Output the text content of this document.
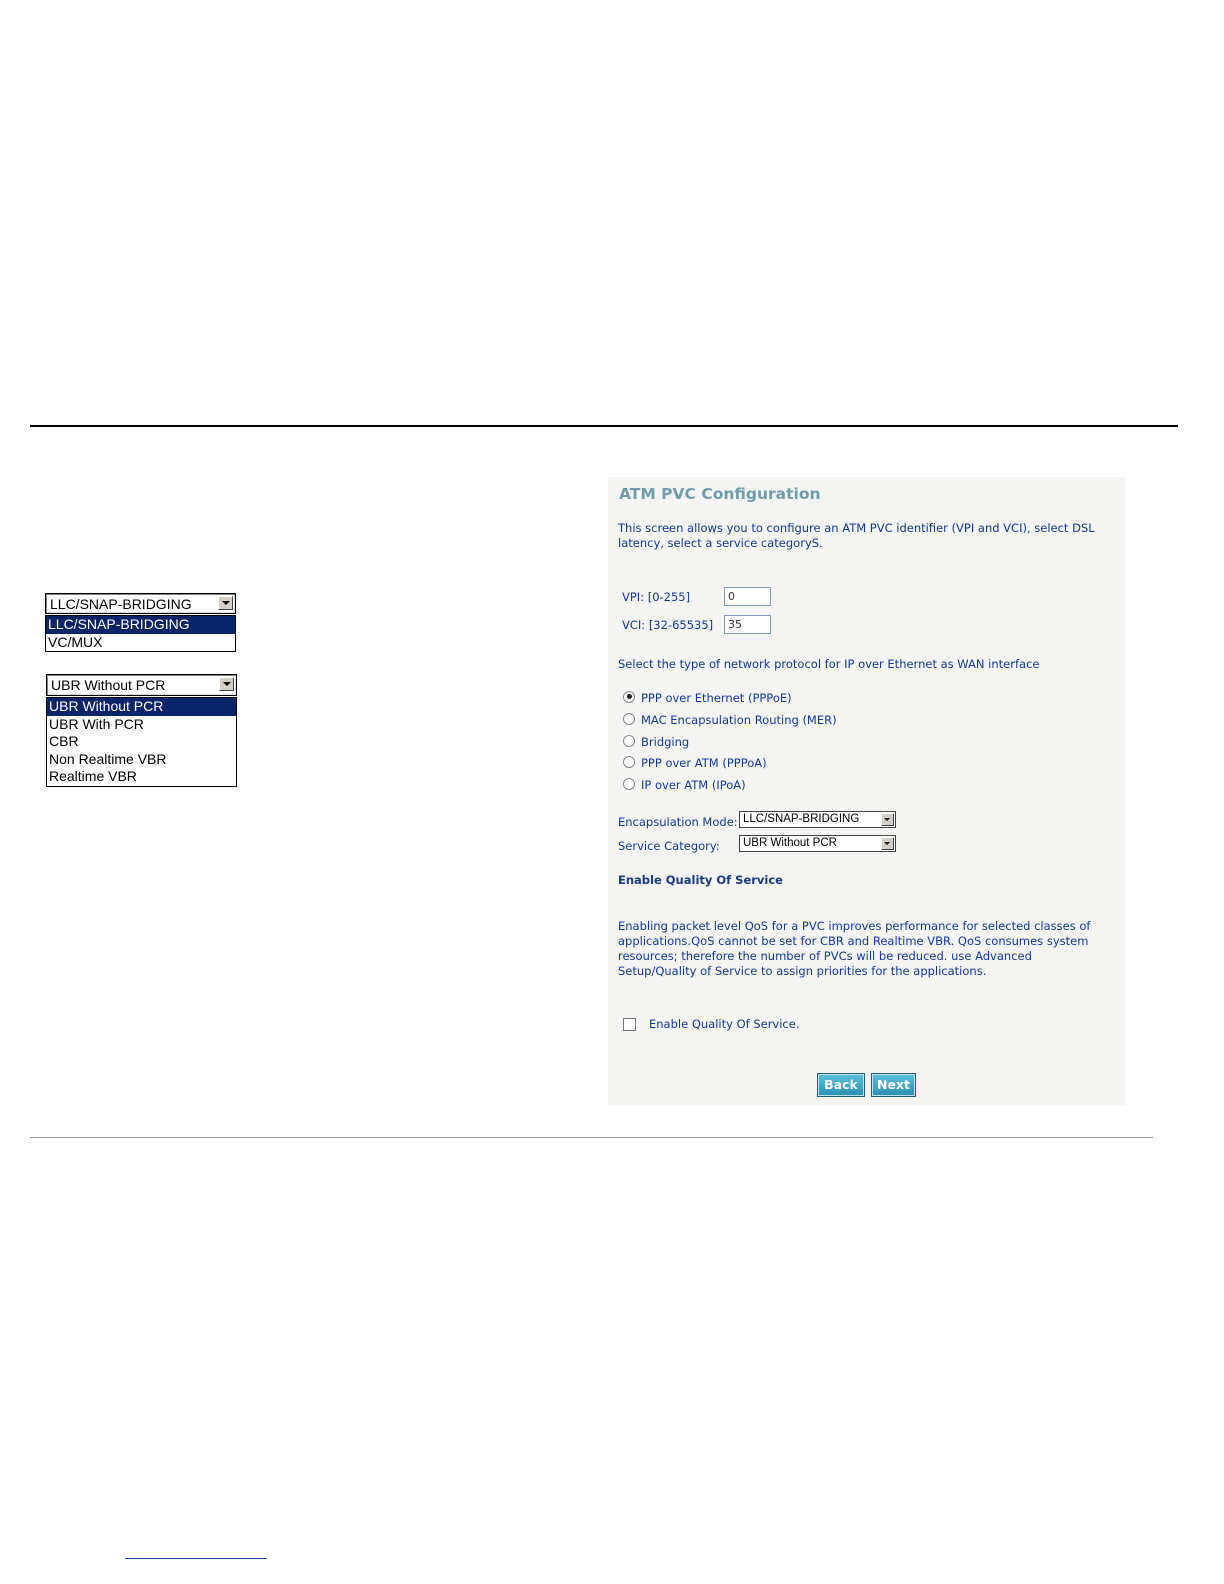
LLC/SNAP-BRIDGING
LLC/SNAP-BRIDGING
VC/MUX
UBR Without PCR
UBR Without PCR
UBR With PCR
CBR
Non Realtime VBR
Realtime VBR
ATM PVC Configuration
This screen allows you to configure an ATM PVC identifier (VPI and VCI), select DSL
latency, select a service categoryS.
VPI: [0-255]
0
VCI: [32-65535]
35
Select the type of network protocol for IP over Ethernet as WAN interface
PPP over Ethernet (PPPoE)
MAC Encapsulation Routing (MER)
Bridging
PPP over ATM (PPPoA)
IP over ATM (IPoA)
Encapsulation Mode: LLC/SNAP-BRIDGING
Service Category: UBR Without PCR
Enable Quality Of Service
Enabling packet level QoS for a PVC improves performance for selected classes of
applications.QoS cannot be set for CBR and Realtime VBR. QoS consumes system
resources; therefore the number of PVCs will be reduced. use Advanced
Setup/Quality of Service to assign priorities for the applications.
Enable Quality Of Service.
Back	Next
